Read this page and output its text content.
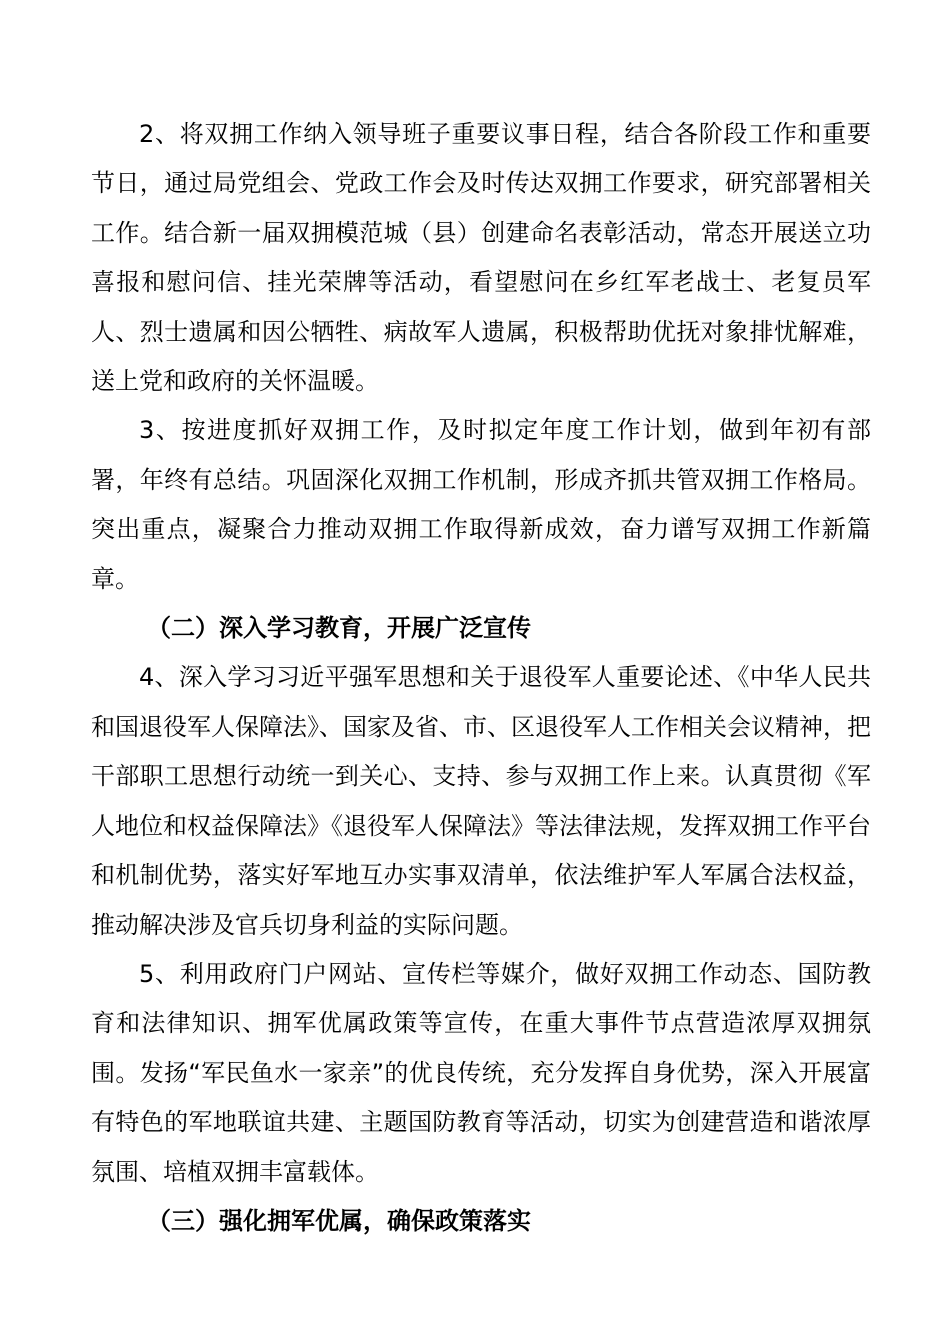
2、将双拥工作纳入领导班子重要议事日程，结合各阶段工作和重要节日，通过局党组会、党政工作会及时传达双拥工作要求，研究部署相关工作。结合新一届双拥模范城（县）创建命名表彰活动，常态开展送立功喜报和慰问信、挂光荣牌等活动，看望慰问在乡红军老战士、老复员军人、烈士遗属和因公牺牲、病故军人遗属，积极帮助优抚对象排忧解难，送上党和政府的关怀温暖。

3、按进度抓好双拥工作，及时拟定年度工作计划，做到年初有部署，年终有总结。巩固深化双拥工作机制，形成齐抓共管双拥工作格局。突出重点，凝聚合力推动双拥工作取得新成效，奋力谱写双拥工作新篇章。

（二）深入学习教育，开展广泛宣传

4、深入学习习近平强军思想和关于退役军人重要论述、《中华人民共和国退役军人保障法》、国家及省、市、区退役军人工作相关会议精神，把干部职工思想行动统一到关心、支持、参与双拥工作上来。认真贯彻《军人地位和权益保障法》《退役军人保障法》等法律法规，发挥双拥工作平台和机制优势，落实好军地互办实事双清单，依法维护军人军属合法权益，推动解决涉及官兵切身利益的实际问题。

5、利用政府门户网站、宣传栏等媒介，做好双拥工作动态、国防教育和法律知识、拥军优属政策等宣传，在重大事件节点营造浓厚双拥氛围。发扬“军民鱼水一家亲”的优良传统，充分发挥自身优势，深入开展富有特色的军地联谊共建、主题国防教育等活动，切实为创建营造和谐浓厚氛围、培植双拥丰富载体。

（三）强化拥军优属，确保政策落实
